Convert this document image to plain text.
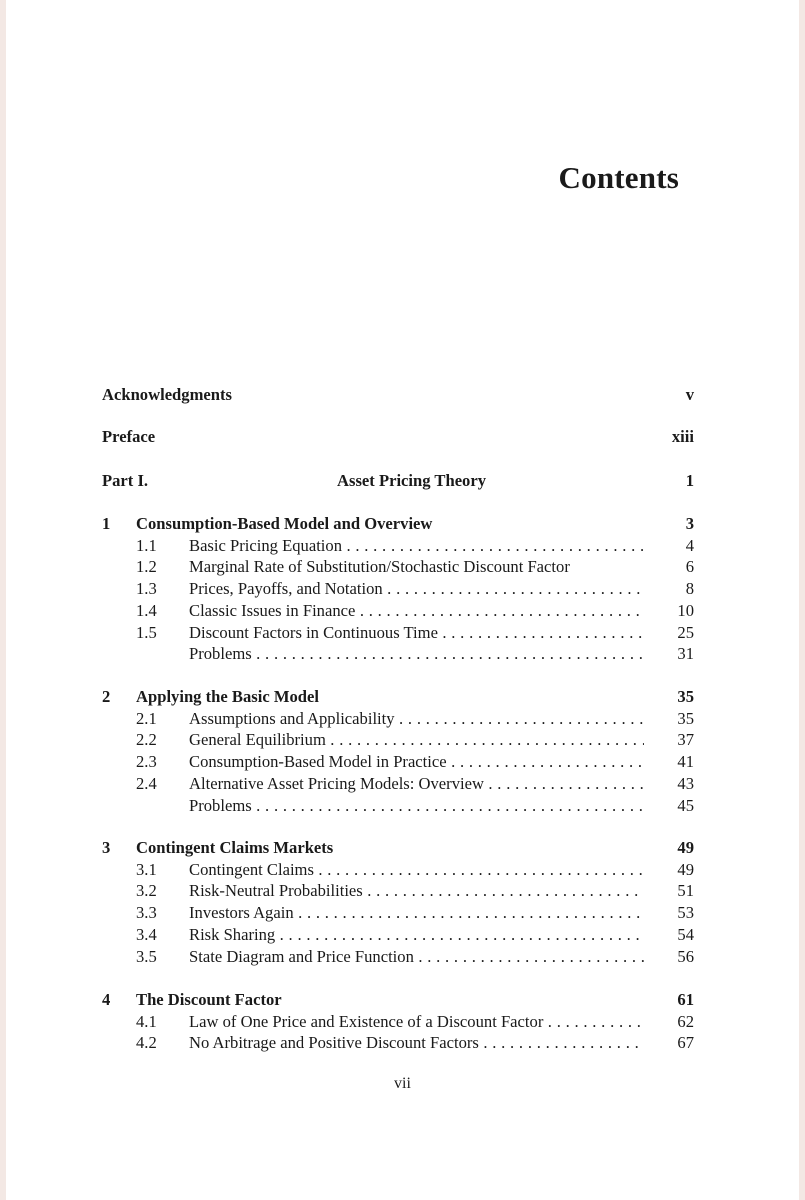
Contents
Acknowledgments	v
Preface	xiii
Part I.	Asset Pricing Theory	1
1 Consumption-Based Model and Overview	3
1.1 Basic Pricing Equation . . .	4
1.2 Marginal Rate of Substitution/Stochastic Discount Factor	6
1.3 Prices, Payoffs, and Notation . . .	8
1.4 Classic Issues in Finance . . .	10
1.5 Discount Factors in Continuous Time . . .	25
Problems . . .	31
2 Applying the Basic Model	35
2.1 Assumptions and Applicability . . .	35
2.2 General Equilibrium . . .	37
2.3 Consumption-Based Model in Practice . . .	41
2.4 Alternative Asset Pricing Models: Overview . . .	43
Problems . . .	45
3 Contingent Claims Markets	49
3.1 Contingent Claims . . .	49
3.2 Risk-Neutral Probabilities . . .	51
3.3 Investors Again . . .	53
3.4 Risk Sharing . . .	54
3.5 State Diagram and Price Function . . .	56
4 The Discount Factor	61
4.1 Law of One Price and Existence of a Discount Factor . . .	62
4.2 No Arbitrage and Positive Discount Factors . . .	67
vii
